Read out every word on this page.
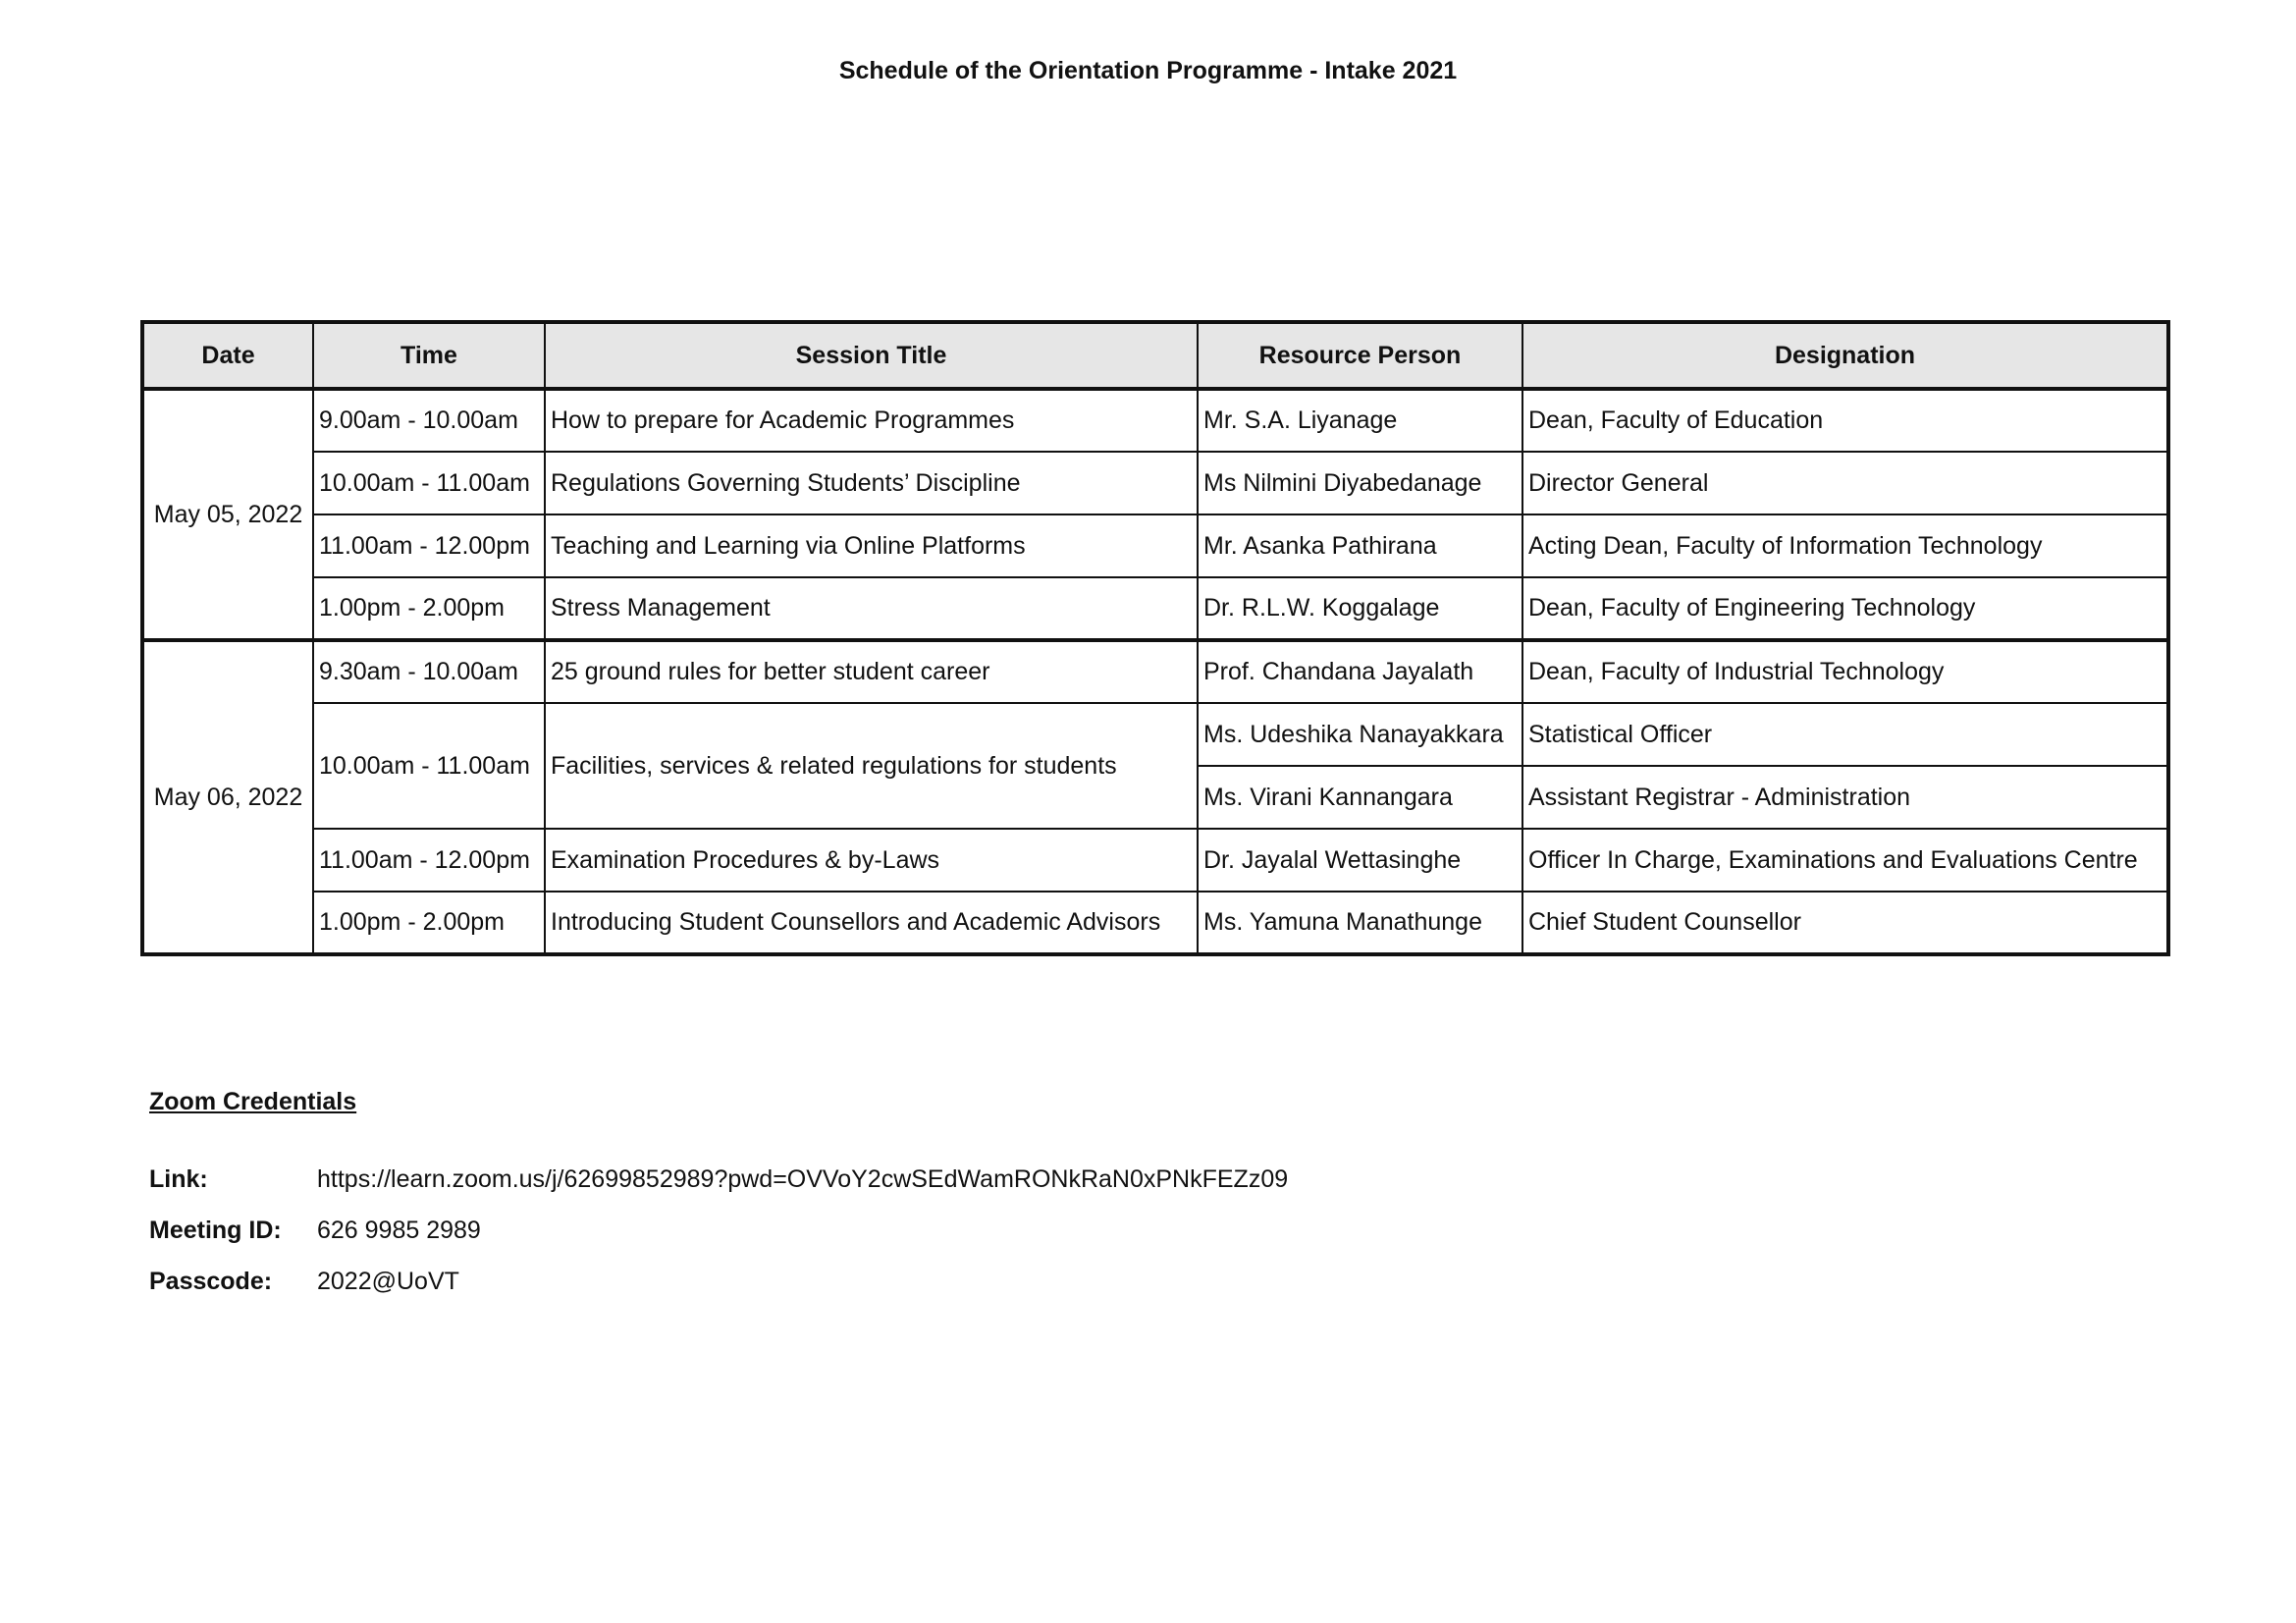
Schedule of the Orientation Programme - Intake 2021
Date	Time	Session Title	Resource Person	Designation
May 05, 2022	9.00am - 10.00am	How to prepare for Academic Programmes	Mr. S.A. Liyanage	Dean, Faculty of Education
	10.00am - 11.00am	Regulations Governing Students’ Discipline	Ms Nilmini Diyabedanage	Director General
	11.00am - 12.00pm	Teaching and Learning via Online Platforms	Mr. Asanka Pathirana	Acting Dean, Faculty of Information Technology
	1.00pm - 2.00pm	Stress Management	Dr. R.L.W. Koggalage	Dean, Faculty of Engineering Technology
May 06, 2022	9.30am - 10.00am	25 ground rules for better student career	Prof. Chandana Jayalath	Dean, Faculty of Industrial Technology
	10.00am - 11.00am	Facilities, services & related regulations for students	Ms. Udeshika Nanayakkara	Statistical Officer
			Ms. Virani Kannangara	Assistant Registrar - Administration
	11.00am - 12.00pm	Examination Procedures & by-Laws	Dr. Jayalal Wettasinghe	Officer In Charge, Examinations and Evaluations Centre
	1.00pm - 2.00pm	Introducing Student Counsellors and Academic Advisors	Ms. Yamuna Manathunge	Chief Student Counsellor
Zoom Credentials
Link:	https://learn.zoom.us/j/62699852989?pwd=OVVoY2cwSEdWamRONkRaN0xPNkFEZz09
Meeting ID:	626 9985 2989
Passcode:	2022@UoVT
